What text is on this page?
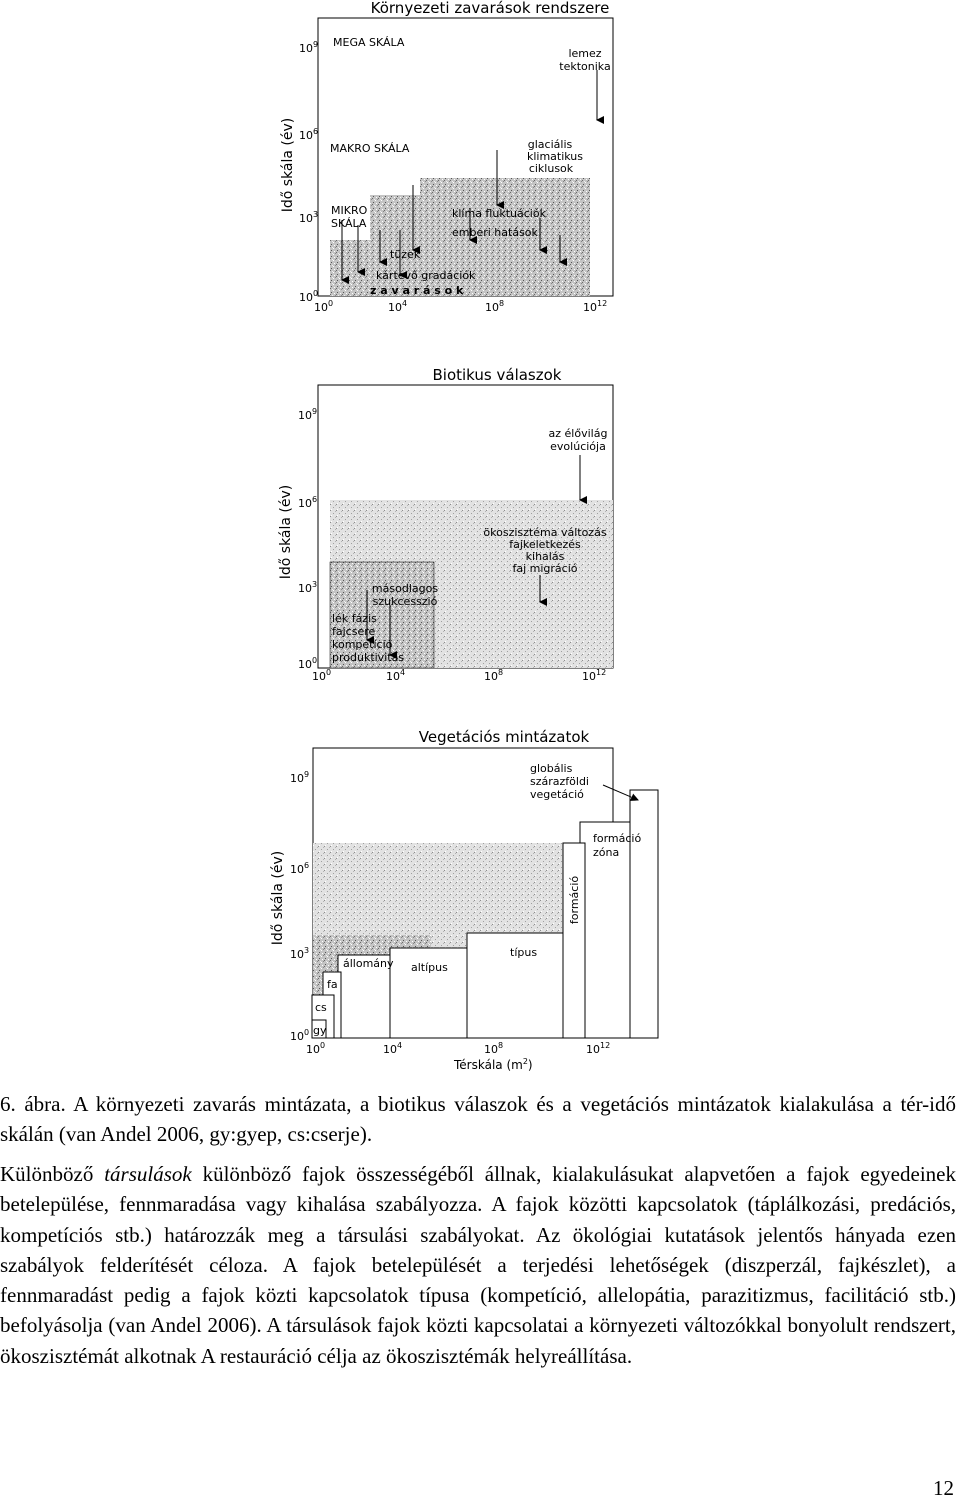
Környezeti zavarások rendszere
MEGA SKÁLA
lemez
tektonika
MAKRO SKÁLA	glaciális
klimatikus
ciklusok
MIKRO
SKÁLA
klíma fluktuációk
emberi hatások
tüzek
kártevő gradációk
z a v a r á s o k
Idő skála (év)
$10^9$
$10^6$
$10^3$
$10^0$
$10^0$	$10^4$	$10^8$	$10^{12}$
Biotikus válaszok
az élővilág
evolúciója
ökoszisztéma változás
fajkeletkezés
kihalás
faj migráció
másodlagos
szukcesszió
lék fázis
fajcsere
kompetíció
produktivitás
Idő skála (év)
$10^9$
$10^6$
$10^3$
$10^0$
$10^0$	$10^4$	$10^8$	$10^{12}$
Vegetációs mintázatok
globális
szárazföldi
vegetáció
formáció
zóna
formáció
típus
altípus
állomány
fa
cs
gy
Idő skála (év)
$10^9$
$10^6$
$10^3$
$10^0$
$10^0$	$10^4$	$10^8$	$10^{12}$
Térskála $(m^2)$
6. ábra. A környezeti zavarás mintázata, a biotikus válaszok és a vegetációs mintázatok kialakulása a tér-idő skálán (van Andel 2006, gy:gyep, cs:cserje).
Különböző társulások különböző fajok összességéből állnak, kialakulásukat alapvetően a fajok egyedeinek betelepülése, fennmaradása vagy kihalása szabályozza. A fajok közötti kapcsolatok (táplálkozási, predációs, kompetíciós stb.) határozzák meg a társulási szabályokat. Az ökológiai kutatások jelentős hányada ezen szabályok felderítését céloza. A fajok betelepülését a terjedési lehetőségek (diszperzál, fajkészlet), a fennmaradást pedig a fajok közti kapcsolatok típusa (kompetíció, allelopátia, parazitizmus, facilitáció stb.) befolyásolja (van Andel 2006). A társulások fajok közti kapcsolatai a környezeti változókkal bonyolult rendszert, ökoszisztémát alkotnak A restauráció célja az ökoszisztémák helyreállítása.
12
